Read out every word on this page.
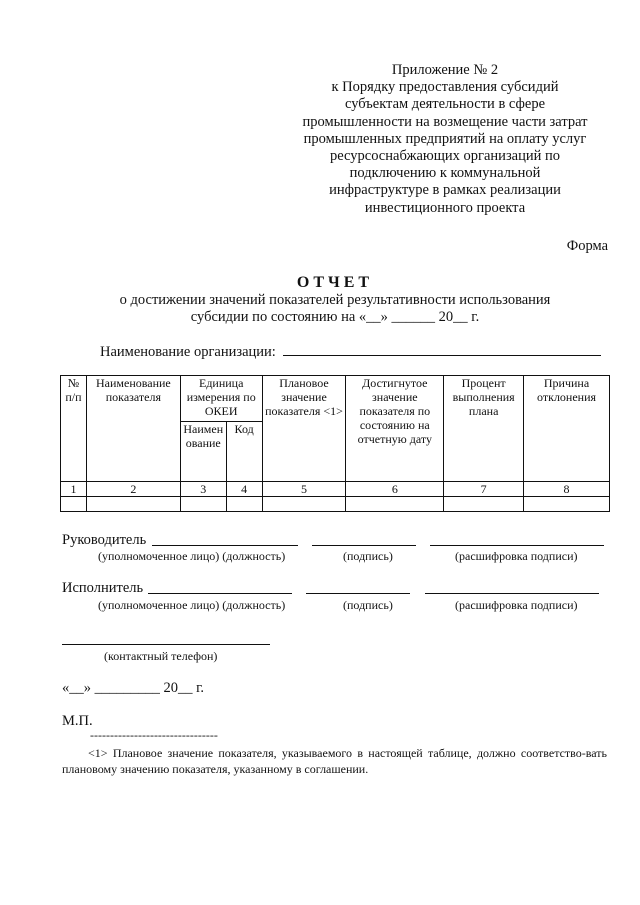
Приложение № 2
к Порядку предоставления субсидий
субъектам деятельности в сфере
промышленности на возмещение части затрат
промышленных предприятий на оплату услуг
ресурсоснабжающих организаций по
подключению к коммунальной
инфраструктуре в рамках реализации
инвестиционного проекта
Форма
ОТЧЕТ
о достижении значений показателей результативности использования
субсидии по состоянию на «__» ______ 20__ г.
Наименование организации:
№ п/п	Наименование показателя	Единица измерения по ОКЕИ		Плановое значение показателя <1>	Достигнутое значение показателя по состоянию на отчетную дату	Процент выполнения плана	Причина отклонения
		Наименование	Код				
1	2	3	4	5	6	7	8

Руководитель
(уполномоченное лицо) (должность)	(подпись)	(расшифровка подписи)
Исполнитель
(уполномоченное лицо) (должность)	(подпись)	(расшифровка подписи)
(контактный телефон)
«__» _________ 20__ г.
М.П.
--------------------------------
<1> Плановое значение показателя, указываемого в настоящей таблице, должно соответство-вать плановому значению показателя, указанному в соглашении.
